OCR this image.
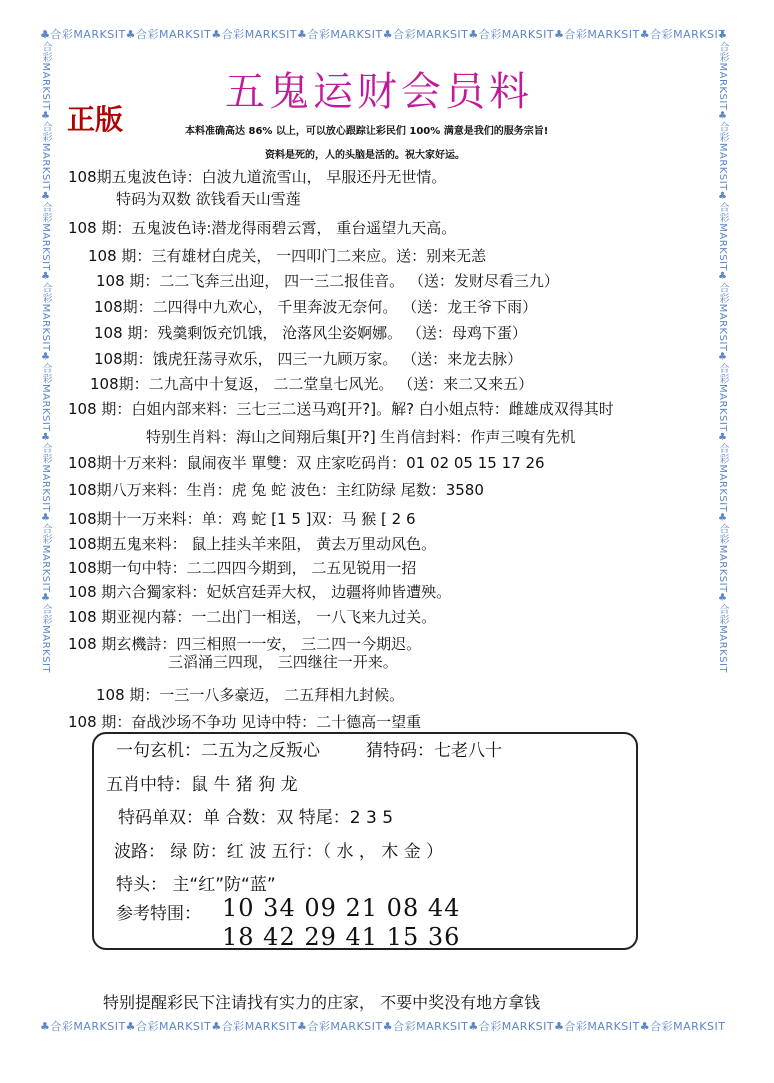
♣合彩MARKSIT♣合彩MARKSIT♣合彩MARKSIT♣合彩MARKSIT♣合彩MARKSIT♣合彩MARKSIT♣合彩MARKSIT♣合彩MARKSIT
♣合彩MARKSIT♣合彩MARKSIT♣合彩MARKSIT♣合彩MARKSIT♣合彩MARKSIT♣合彩MARKSIT♣合彩MARKSIT♣合彩MARKSIT
♣合彩MARKSIT♣合彩MARKSIT♣合彩MARKSIT♣合彩MARKSIT♣合彩MARKSIT♣合彩MARKSIT♣合彩MARKSIT♣合彩MARKSIT	♣合彩MARKSIT♣合彩MARKSIT♣合彩MARKSIT♣合彩MARKSIT♣合彩MARKSIT♣合彩MARKSIT♣合彩MARKSIT♣合彩MARKSIT
五鬼运财会员料
正版	本料准确高达 86% 以上，可以放心跟踪让彩民们 100% 满意是我们的服务宗旨!
资料是死的，人的头脑是活的。祝大家好运。
108期五鬼波色诗：白波九道流雪山， 早服还丹无世情。
特码为双数 欲钱看天山雪莲
108 期：五鬼波色诗:潜龙得雨碧云霄， 重台遥望九天高。
108 期：三有雄材白虎关， 一四叩门二来应。送：别来无恙
108 期：二二飞奔三出迎， 四一三二报佳音。 （送：发财尽看三九）
108期：二四得中九欢心， 千里奔波无奈何。 （送：龙王爷下雨）
108 期：残羹剩饭充饥饿， 沧落风尘姿婀娜。 （送：母鸡下蛋）
108期：饿虎狂荡寻欢乐， 四三一九顾万家。 （送：来龙去脉）
108期：二九高中十复返， 二二堂皇七风光。 （送：来二又来五）
108 期：白姐内部来料：三七三二送马鸡[开?]。解? 白小姐点特：雌雄成双得其时
特别生肖料：海山之间翔后集[开?] 生肖信封料：作声三嗅有先机
108期十万来料：鼠闹夜半 單雙：双 庄家吃码肖：01 02 05 15 17 26
108期八万来料：生肖：虎 兔 蛇 波色：主红防绿 尾数：3580
108期十一万来料：单：鸡 蛇 [1 5 ]双：马 猴 [ 2 6
108期五鬼来料： 鼠上挂头羊来阻， 黄去万里动风色。
108期一句中特：二二四四今期到， 二五见锐用一招
108 期六合獨家料：妃妖宫廷弄大权， 边疆将帅皆遭殃。
108 期亚视内幕：一二出门一相送， 一八飞来九过关。
108 期玄機詩：四三相照一一安， 三二四一今期迟。
三滔涌三四现， 三四继往一开来。
108 期：一三一八多豪迈， 二五拜相九封候。
108 期：奋战沙场不争功 见诗中特：二十德高一望重
一句玄机：二五为之反叛心	猜特码：七老八十
五肖中特：鼠 牛 猪 狗 龙
特码单双：单 合数：双 特尾：2 3 5
波路： 绿 防：红 波 五行：（ 水 ， 木 金 ）
特头： 主“红”防“蓝”
参考特围： 10 34 09 21 08 44
18 42 29 41 15 36
特别提醒彩民下注请找有实力的庄家， 不要中奖没有地方拿钱
